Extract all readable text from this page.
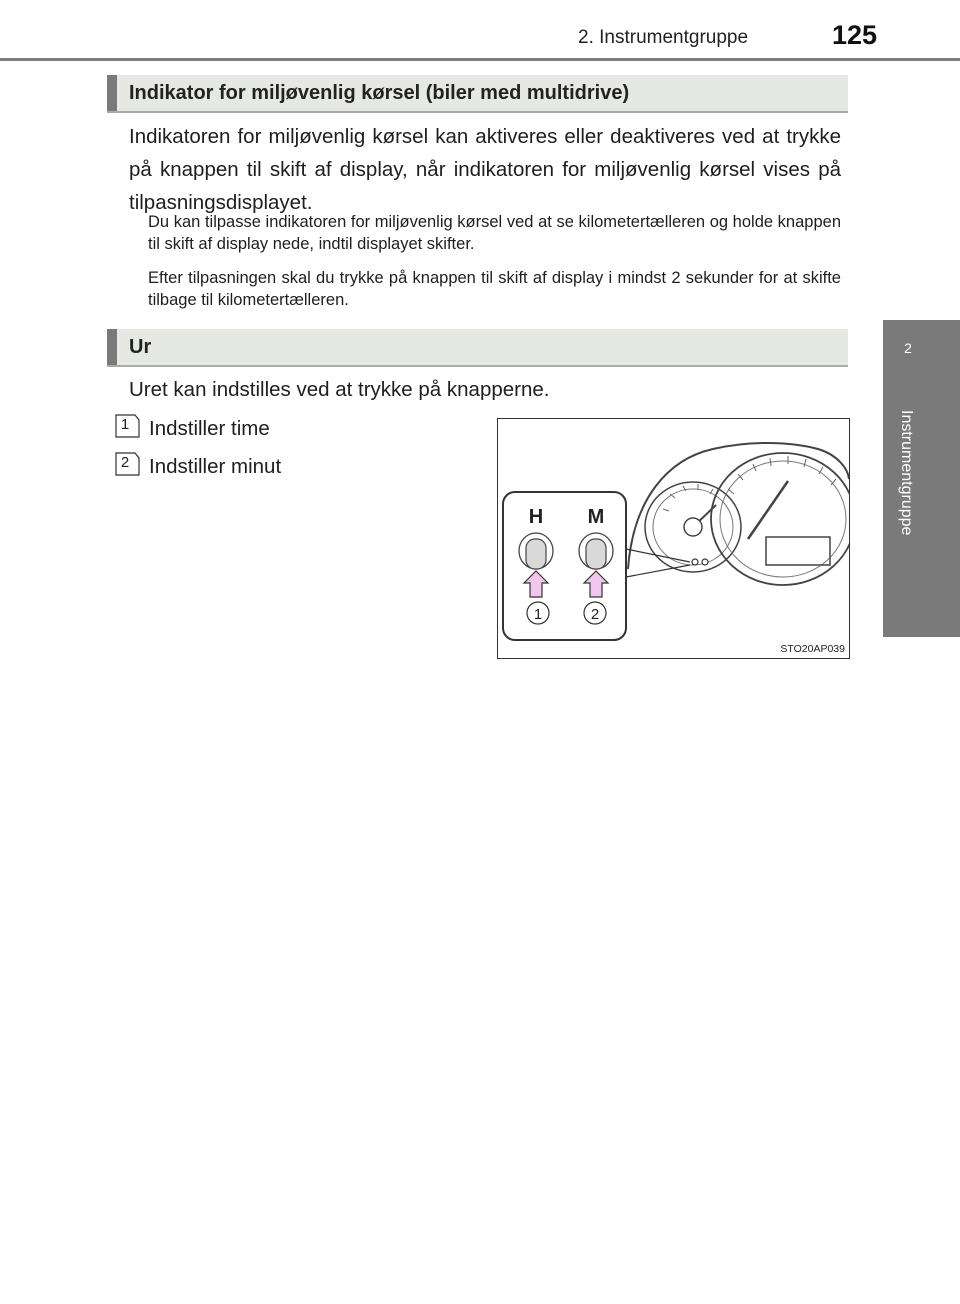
2. Instrumentgruppe	125
2
Instrumentgruppe
Indikator for miljøvenlig kørsel (biler med multidrive)
Indikatoren for miljøvenlig kørsel kan aktiveres eller deaktiveres ved at trykke på knappen til skift af display, når indikatoren for miljøvenlig kørsel vises på tilpasningsdisplayet.
Du kan tilpasse indikatoren for miljøvenlig kørsel ved at se kilometertælleren og holde knappen til skift af display nede, indtil displayet skifter.
Efter tilpasningen skal du trykke på knappen til skift af display i mindst 2 sekunder for at skifte tilbage til kilometertælleren.
Ur
Uret kan indstilles ved at trykke på knapperne.
1 Indstiller time
2 Indstiller minut
H M
1	2
STO20AP039
